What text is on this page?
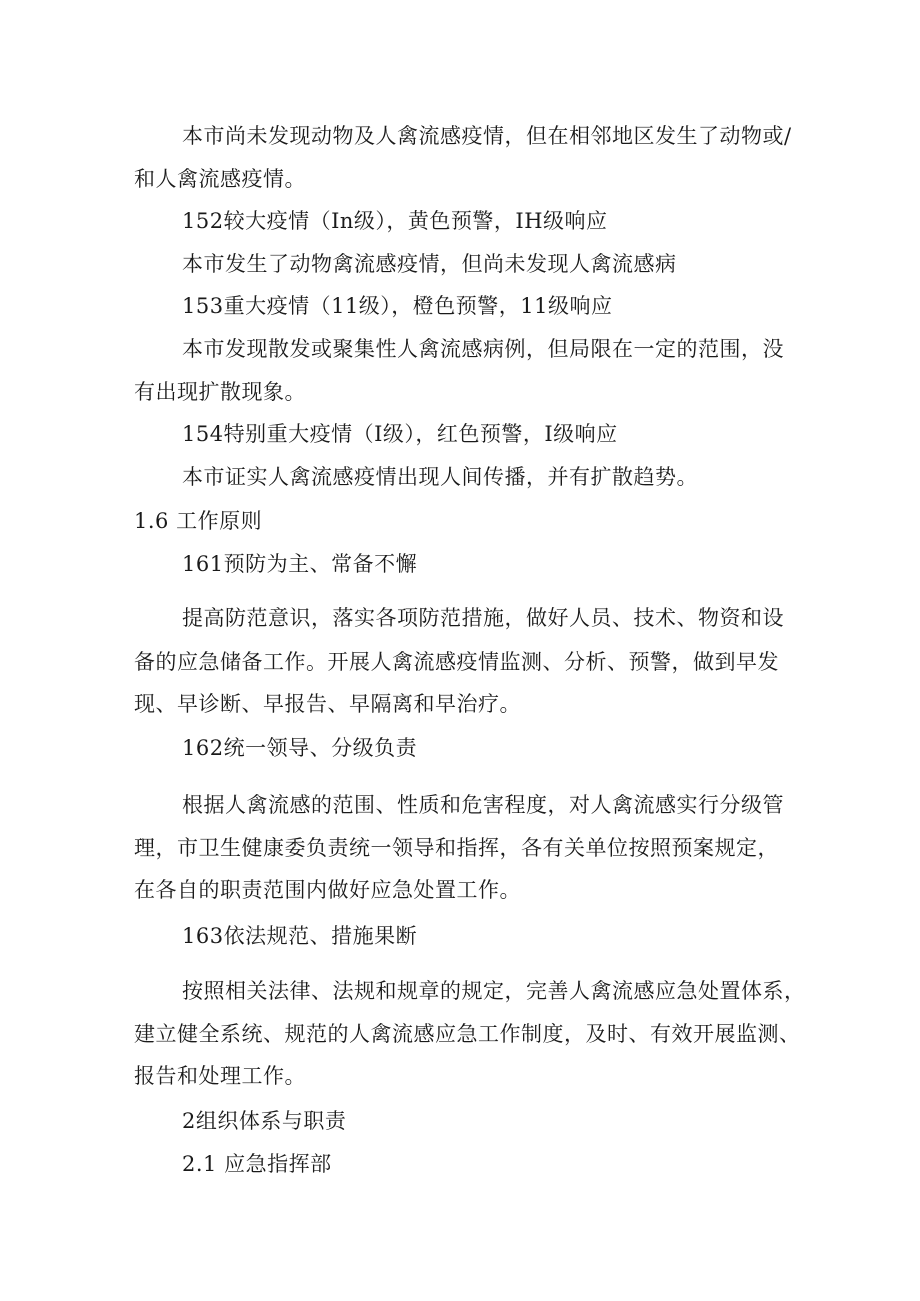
本市尚未发现动物及人禽流感疫情，但在相邻地区发生了动物或/
和人禽流感疫情。
152较大疫情（In级），黄色预警，IH级响应
本市发生了动物禽流感疫情，但尚未发现人禽流感病
153重大疫情（11级），橙色预警，11级响应
本市发现散发或聚集性人禽流感病例，但局限在一定的范围，没
有出现扩散现象。
154特别重大疫情（I级），红色预警，I级响应
本市证实人禽流感疫情出现人间传播，并有扩散趋势。
1.6 工作原则
161预防为主、常备不懈
提高防范意识，落实各项防范措施，做好人员、技术、物资和设
备的应急储备工作。开展人禽流感疫情监测、分析、预警，做到早发
现、早诊断、早报告、早隔离和早治疗。
162统一领导、分级负责
根据人禽流感的范围、性质和危害程度，对人禽流感实行分级管
理，市卫生健康委负责统一领导和指挥，各有关单位按照预案规定，
在各自的职责范围内做好应急处置工作。
163依法规范、措施果断
按照相关法律、法规和规章的规定，完善人禽流感应急处置体系，
建立健全系统、规范的人禽流感应急工作制度，及时、有效开展监测、
报告和处理工作。
2组织体系与职责
2.1 应急指挥部
